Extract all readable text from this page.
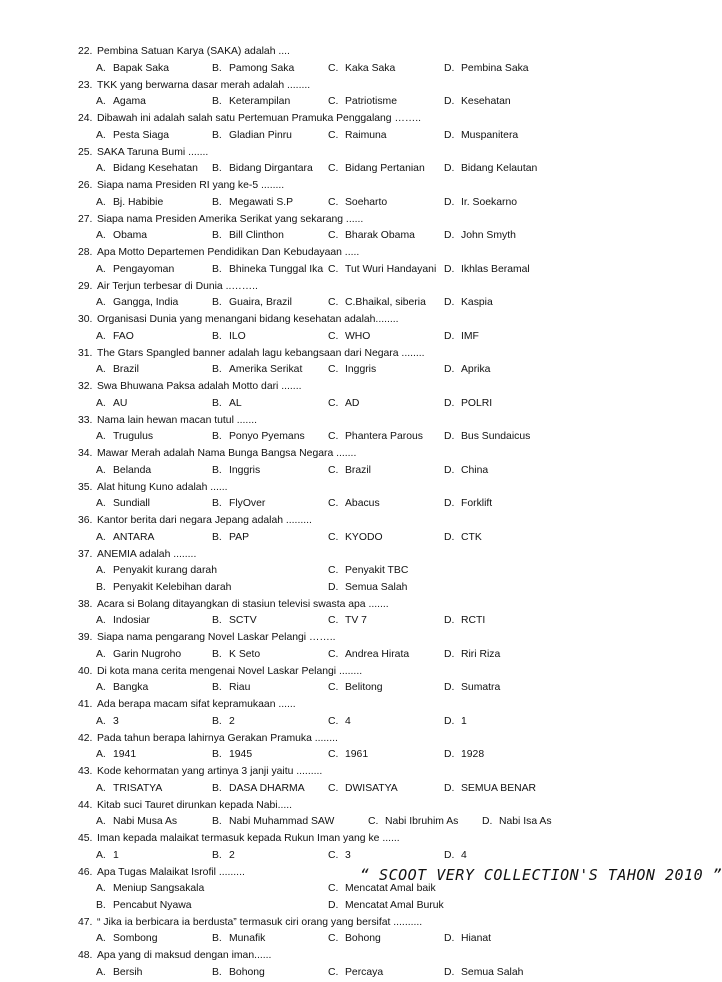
22. Pembina Satuan Karya (SAKA) adalah ....
A. Bapak Saka	B. Pamong Saka	C. Kaka Saka	D. Pembina Saka
23. TKK yang berwarna dasar merah adalah ........
A. Agama	B. Keterampilan	C. Patriotisme	D. Kesehatan
24. Dibawah ini adalah salah satu Pertemuan Pramuka Penggalang ……..
A. Pesta Siaga	B. Gladian Pinru	C. Raimuna	D. Muspanitera
25. SAKA Taruna Bumi .......
A. Bidang Kesehatan B. Bidang Dirgantara C. Bidang Pertanian D. Bidang Kelautan
26. Siapa nama Presiden RI yang ke-5 ........
A. Bj. Habibie	B. Megawati S.P	C. Soeharto	D. Ir. Soekarno
27. Siapa nama Presiden Amerika Serikat yang sekarang ......
A. Obama	B. Bill Clinthon	C. Bharak Obama	D. John Smyth
28. Apa Motto Departemen Pendidikan Dan Kebudayaan .....
A. Pengayoman	B. Bhineka Tunggal Ika C. Tut Wuri Handayani D. Ikhlas Beramal
29. Air Terjun terbesar di Dunia ..……..
A. Gangga, India	B. Guaira, Brazil	C. C.Bhaikal, siberia D. Kaspia
30. Organisasi Dunia yang menangani bidang kesehatan adalah........
A. FAO	B. ILO	C. WHO	D. IMF
31. The Gtars Spangled banner adalah lagu kebangsaan dari Negara ........
A. Brazil	B. Amerika Serikat C. Inggris	D. Aprika
32. Swa Bhuwana Paksa adalah Motto dari .......
A. AU	B. AL	C. AD	D. POLRI
33. Nama lain hewan macan tutul .......
A. Trugulus	B. Ponyo Pyemans C. Phantera Parous D. Bus Sundaicus
34. Mawar Merah adalah Nama Bunga Bangsa Negara .......
A. Belanda	B. Inggris	C. Brazil	D. China
35. Alat hitung Kuno adalah ......
A. Sundiall	B. FlyOver	C. Abacus	D. Forklift
36. Kantor berita dari negara Jepang adalah .........
A. ANTARA	B. PAP	C. KYODO	D. CTK
37. ANEMIA adalah ........
A. Penyakit kurang darah
B. Penyakit Kelebihan darah
C. Penyakit TBC
D. Semua Salah
38. Acara si Bolang ditayangkan di stasiun televisi swasta apa .......
A. Indosiar	B. SCTV	C. TV 7	D. RCTI
39. Siapa nama pengarang Novel Laskar Pelangi ……..
A. Garin Nugroho	B. K Seto	C. Andrea Hirata	D. Riri Riza
40. Di kota mana cerita mengenai Novel Laskar Pelangi ........
A. Bangka	B. Riau	C. Belitong	D. Sumatra
41. Ada berapa macam sifat kepramukaan ......
A. 3	B. 2	C. 4	D. 1
42. Pada tahun berapa lahirnya Gerakan Pramuka ........
A. 1941	B. 1945	C. 1961	D. 1928
43. Kode kehormatan yang artinya 3 janji yaitu .........
A. TRISATYA	B. DASA DHARMA C. DWISATYA	D. SEMUA BENAR
44. Kitab suci Tauret dirunkan kepada Nabi.....
A. Nabi Musa As	B. Nabi Muhammad SAW	C. Nabi Ibruhim As D. Nabi Isa As
45. Iman kepada malaikat termasuk kepada Rukun Iman yang ke ......
A. 1	B. 2	C. 3	D. 4
46. Apa Tugas Malaikat Isrofil .........
A. Meniup Sangsakala
B. Pencabut Nyawa
C. Mencatat Amal baik
D. Mencatat Amal Buruk
47. “ Jika ia berbicara ia berdusta” termasuk ciri orang yang bersifat ..........
A. Sombong	B. Munafik	C. Bohong	D. Hianat
48. Apa yang di maksud dengan iman......
A. Bersih	B. Bohong	C. Percaya	D. Semua Salah
“ SCOOT VERY COLLECTION'S TAHON 2010 ”
